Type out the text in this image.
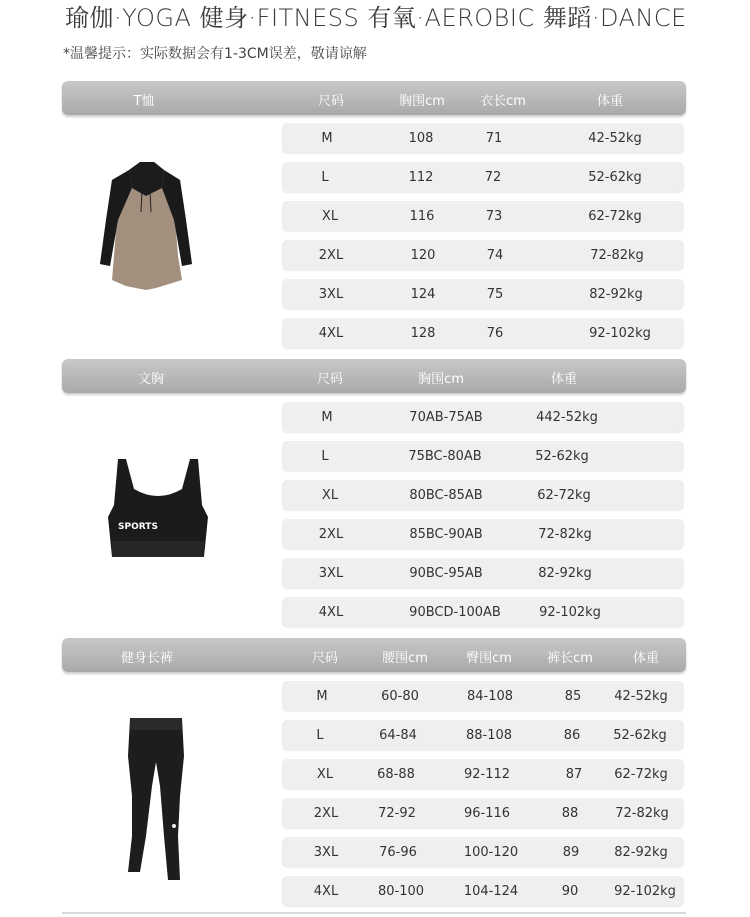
瑜伽·YOGA 健身·FITNESS 有氧·AEROBIC 舞蹈·DANCE
*温馨提示：实际数据会有1-3CM误差，敬请谅解
T恤	尺码	胸围cm	衣长cm	体重
M	108	71	42-52kg
L	112	72	52-62kg
XL	116	73	62-72kg
2XL	120	74	72-82kg
3XL	124	75	82-92kg
4XL	128	76	92-102kg
文胸	尺码	胸围cm	体重
SPORTS
M	70AB-75AB	442-52kg
L	75BC-80AB	52-62kg
XL	80BC-85AB	62-72kg
2XL	85BC-90AB	72-82kg
3XL	90BC-95AB	82-92kg
4XL	90BCD-100AB	92-102kg
健身长裤	尺码	腰围cm	臀围cm	裤长cm	体重
M	60-80	84-108	85	42-52kg
L	64-84	88-108	86	52-62kg
XL	68-88	92-112	87 62-72kg
2XL	72-92	96-116	88	72-82kg
3XL	76-96	100-120	89	82-92kg
4XL	80-100	104-124	90	92-102kg
